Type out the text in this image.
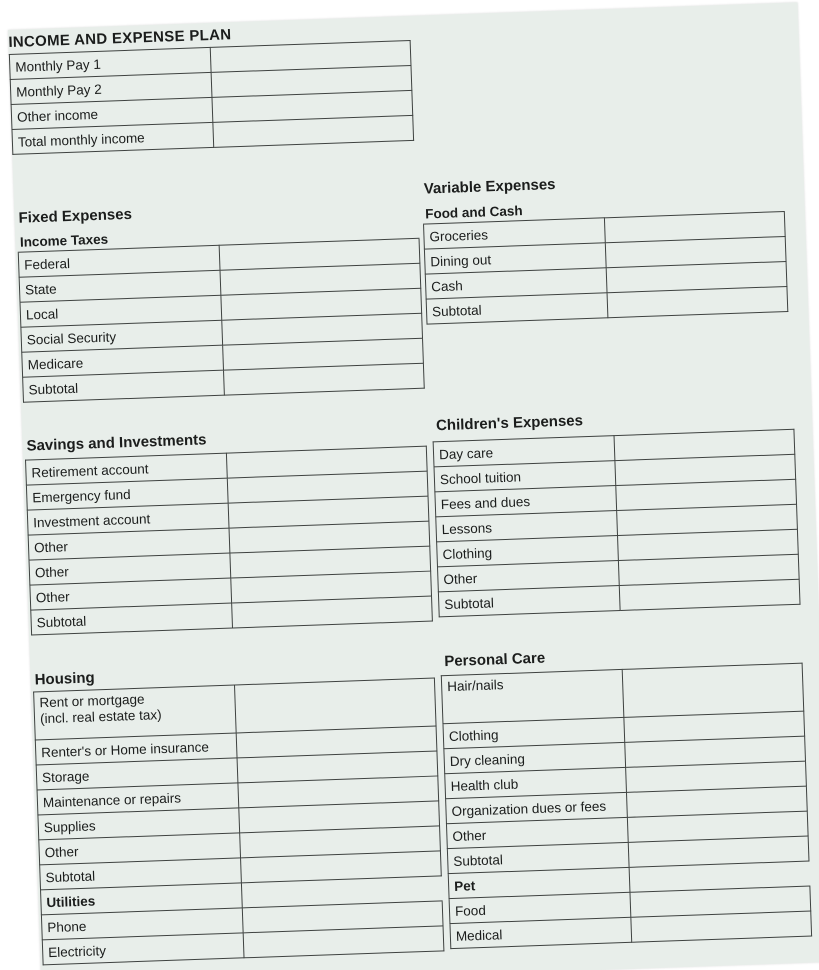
INCOME AND EXPENSE PLAN
Monthly Pay 1	
Monthly Pay 2	
Other income	
Total monthly income	
Fixed Expenses
Income Taxes	
Federal	
State	
Local	
Social Security	
Medicare	
Subtotal	
Savings and Investments
Retirement account	
Emergency fund	
Investment account	
Other	
Other	
Other	
Subtotal	
Housing
Rent or mortgage
(incl. real estate tax)	

Renter's or Home insurance	
Storage	
Maintenance or repairs	
Supplies	
Other	
Subtotal	
Utilities	
Phone	
Electricity	
Variable Expenses
Food and Cash	
Groceries	
Dining out	
Cash	
Subtotal	
Children's Expenses
Day care	
School tuition	
Fees and dues	
Lessons	
Clothing	
Other	
Subtotal	
Personal Care
Hair/nails	
Clothing	
Dry cleaning	
Health club	
Organization dues or fees	
Other	
Subtotal	
Pet	
Food	
Medical	
